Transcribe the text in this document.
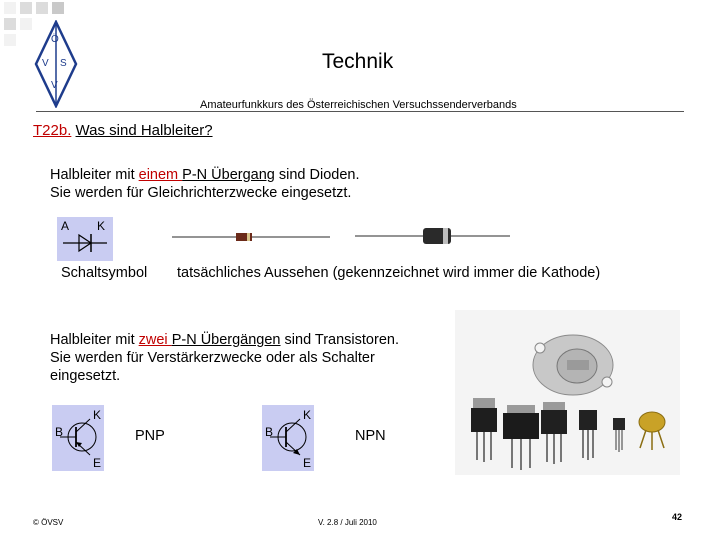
Ö
V S
V
Technik
Amateurfunkkurs des Österreichischen Versuchssenderverbands
T22b. Was sind Halbleiter?
Halbleiter mit einem P-N Übergang sind Dioden.
Sie werden für Gleichrichterzwecke eingesetzt.
A K
Schaltsymbol tatsächliches Aussehen (gekennzeichnet wird immer die Kathode)
Halbleiter mit zwei P-N Übergängen sind Transistoren.
Sie werden für Verstärkerzwecke oder als Schalter
eingesetzt.
K
B
E
PNP
K
B
E
NPN
© ÖVSV	V. 2.8 / Juli 2010
42
